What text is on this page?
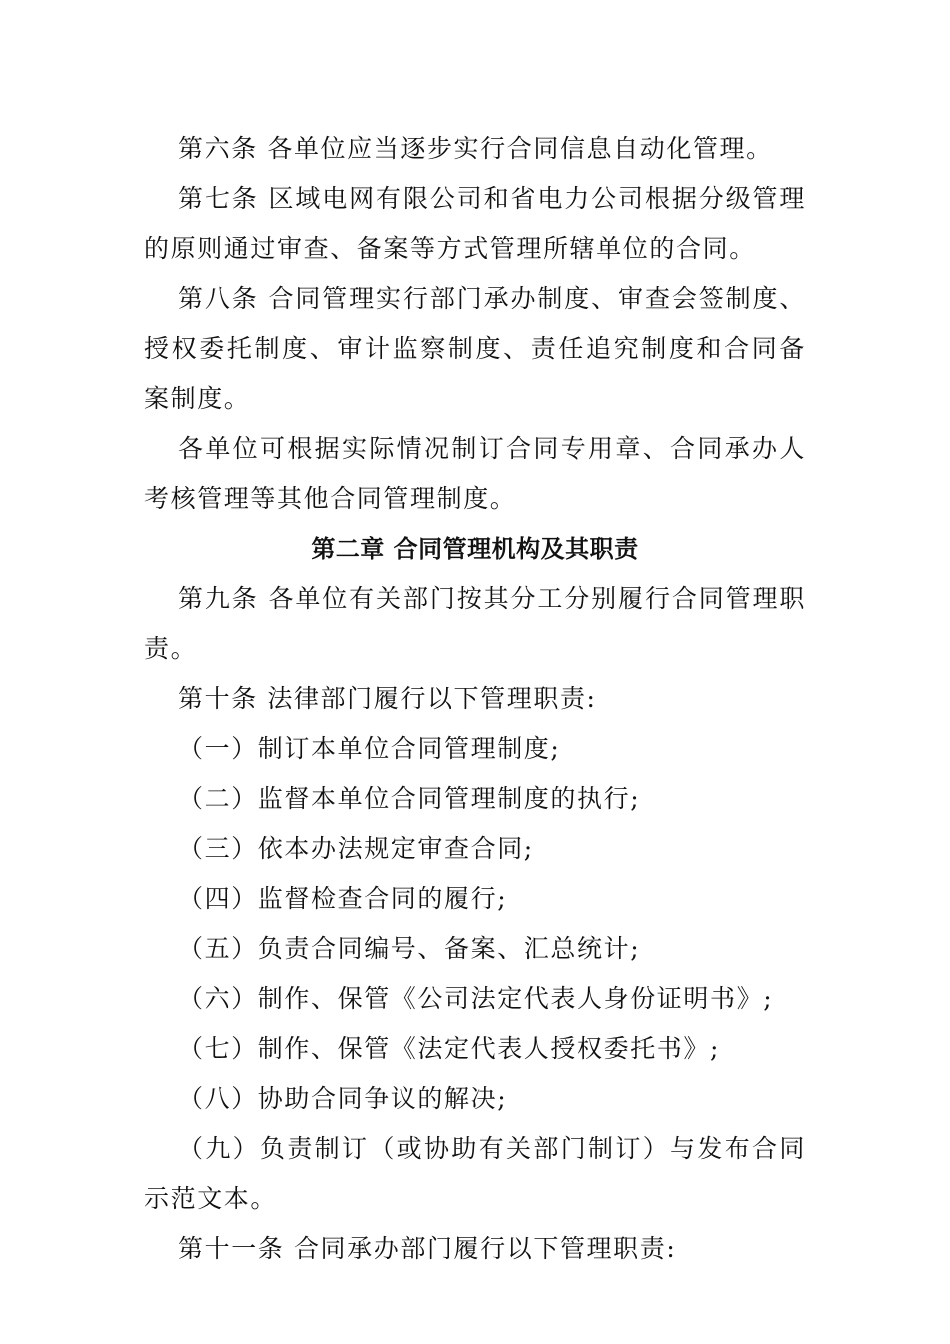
第六条 各单位应当逐步实行合同信息自动化管理。

第七条 区域电网有限公司和省电力公司根据分级管理的原则通过审查、备案等方式管理所辖单位的合同。

第八条 合同管理实行部门承办制度、审查会签制度、授权委托制度、审计监察制度、责任追究制度和合同备案制度。

各单位可根据实际情况制订合同专用章、合同承办人考核管理等其他合同管理制度。

第二章 合同管理机构及其职责

第九条 各单位有关部门按其分工分别履行合同管理职责。

第十条 法律部门履行以下管理职责:

（一）制订本单位合同管理制度;

（二）监督本单位合同管理制度的执行;

（三）依本办法规定审查合同;

（四）监督检查合同的履行;

（五）负责合同编号、备案、汇总统计;

（六）制作、保管《公司法定代表人身份证明书》;

（七）制作、保管《法定代表人授权委托书》;

（八）协助合同争议的解决;

（九）负责制订（或协助有关部门制订）与发布合同示范文本。

第十一条 合同承办部门履行以下管理职责:
